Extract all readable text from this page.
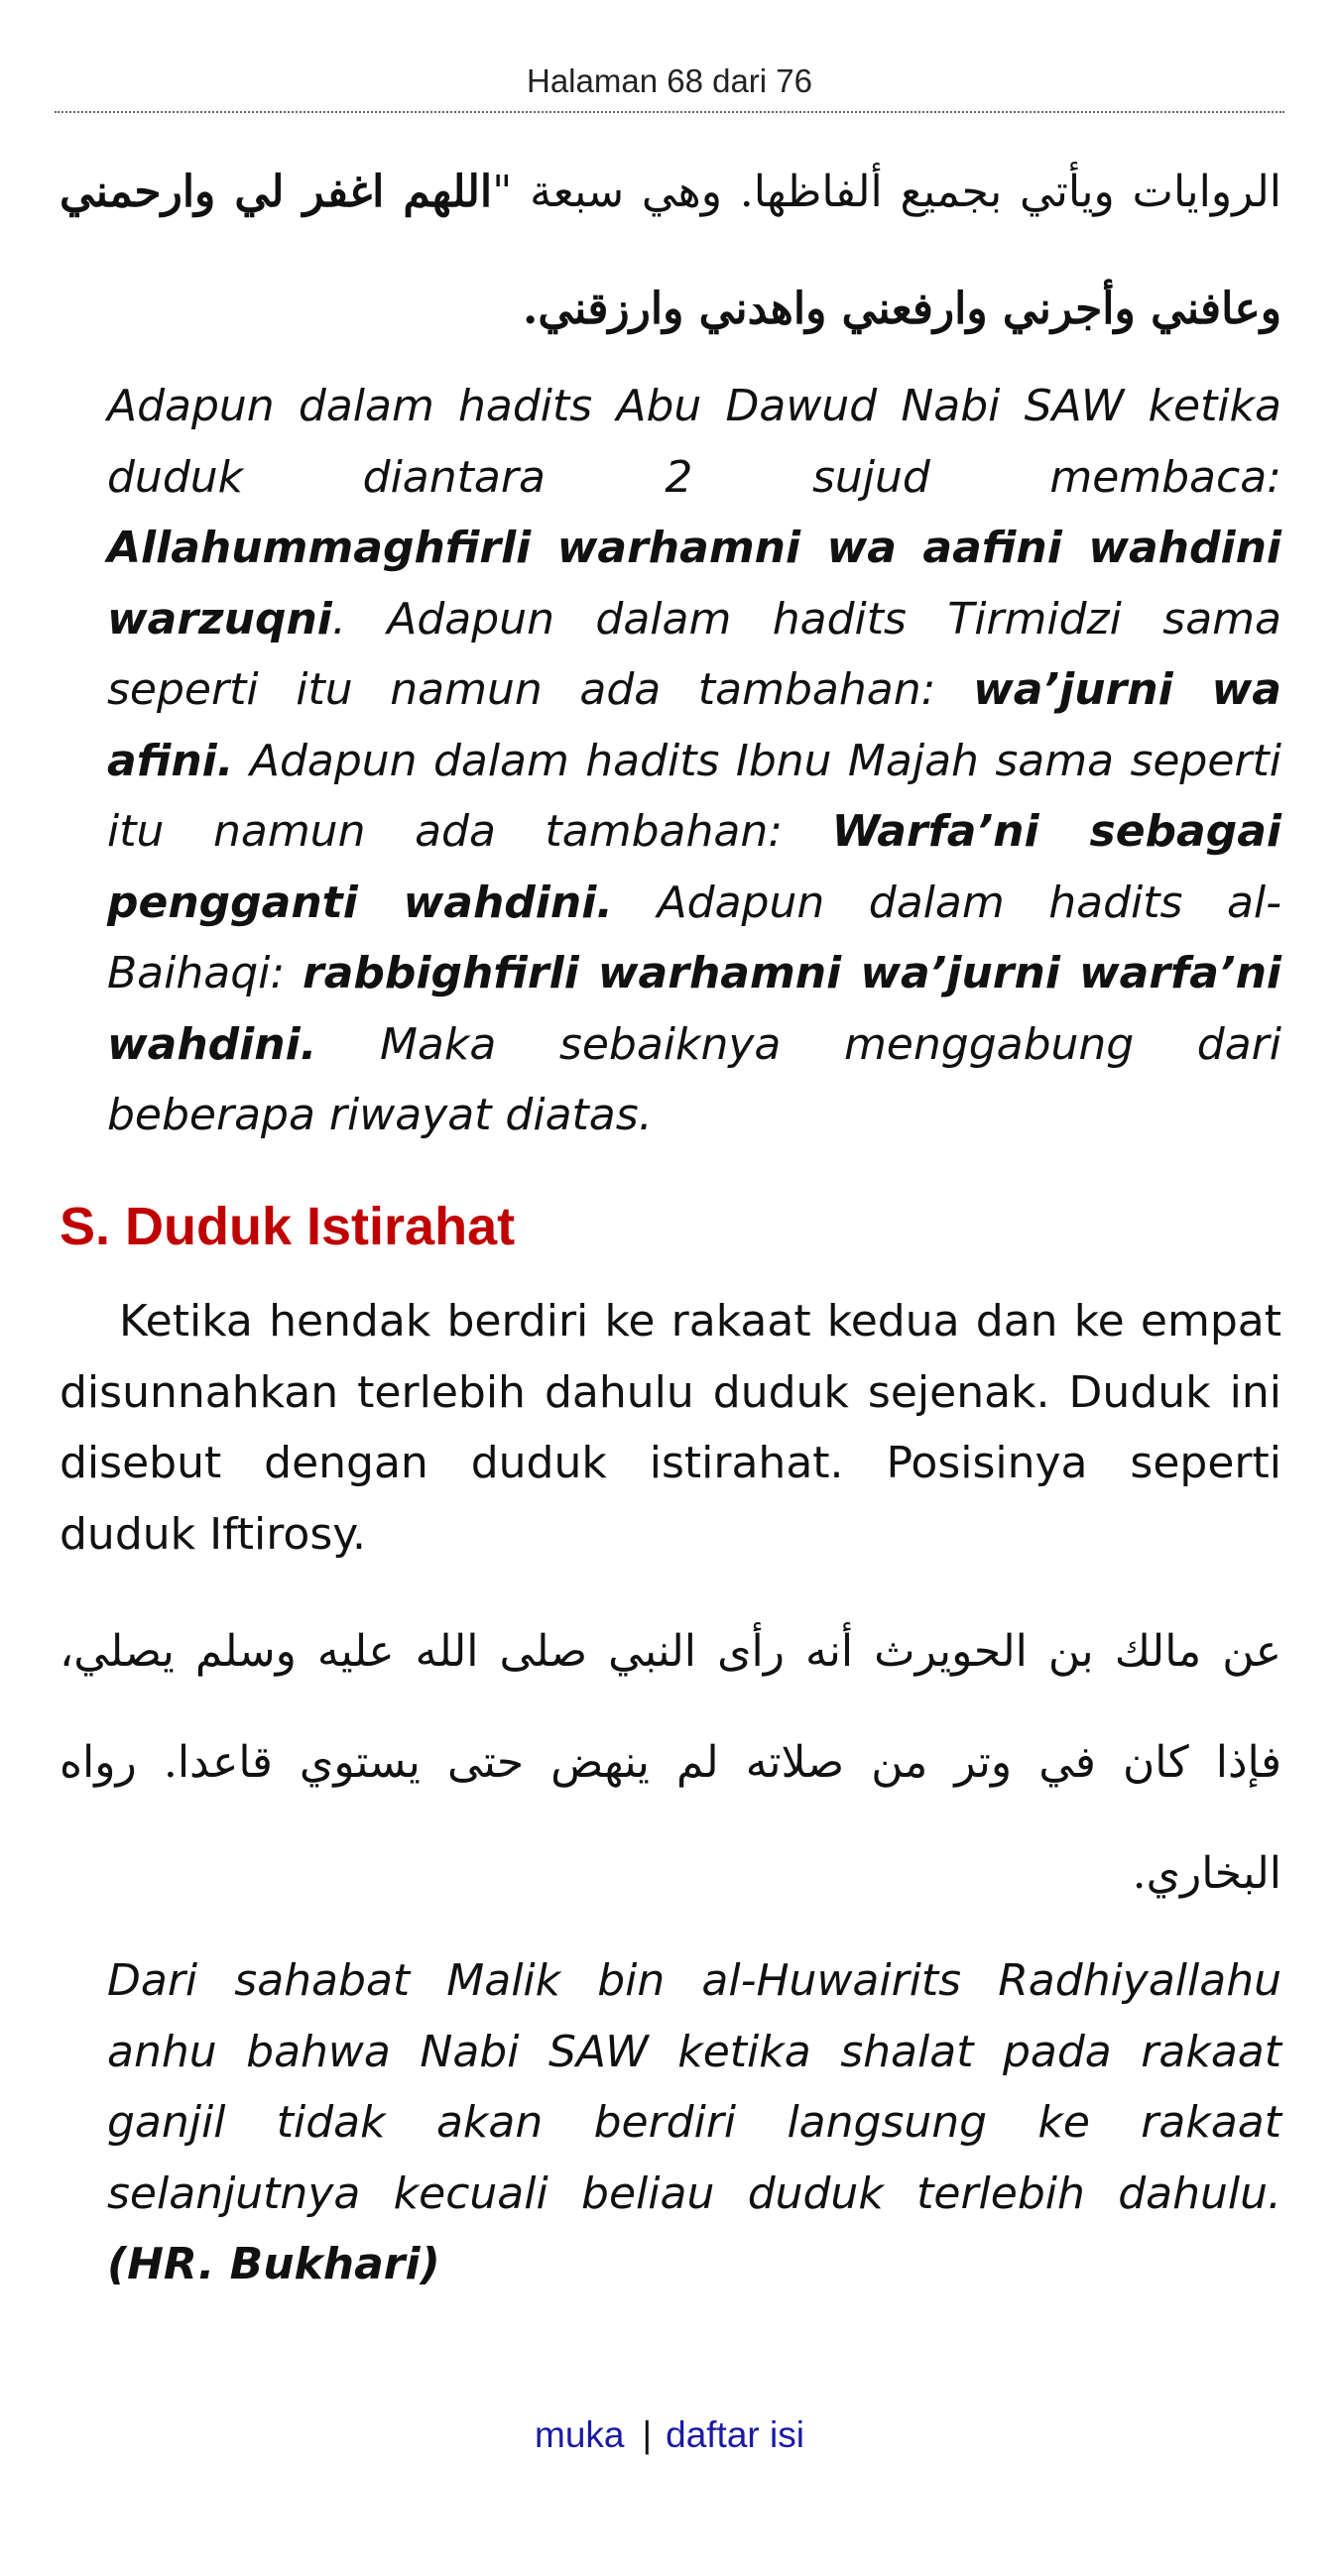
Halaman 68 dari 76
الروايات ويأتي بجميع ألفاظها. وهي سبعة "اللهم اغفر لي وارحمني وعافني وأجرني وارفعني واهدني وارزقني.
Adapun dalam hadits Abu Dawud Nabi SAW ketika duduk diantara 2 sujud membaca: Allahummaghfirli warhamni wa aafini wahdini warzuqni. Adapun dalam hadits Tirmidzi sama seperti itu namun ada tambahan: wa’jurni wa afini. Adapun dalam hadits Ibnu Majah sama seperti itu namun ada tambahan: Warfa’ni sebagai pengganti wahdini. Adapun dalam hadits al-Baihaqi: rabbighfirli warhamni wa’jurni warfa’ni wahdini. Maka sebaiknya menggabung dari beberapa riwayat diatas.
S. Duduk Istirahat
Ketika hendak berdiri ke rakaat kedua dan ke empat disunnahkan terlebih dahulu duduk sejenak. Duduk ini disebut dengan duduk istirahat. Posisinya seperti duduk Iftirosy.
عن مالك بن الحويرث أنه رأى النبي صلى الله عليه وسلم يصلي، فإذا كان في وتر من صلاته لم ينهض حتى يستوي قاعدا. رواه البخاري.
Dari sahabat Malik bin al-Huwairits Radhiyallahu anhu bahwa Nabi SAW ketika shalat pada rakaat ganjil tidak akan berdiri langsung ke rakaat selanjutnya kecuali beliau duduk terlebih dahulu.(HR. Bukhari)
muka | daftar isi
